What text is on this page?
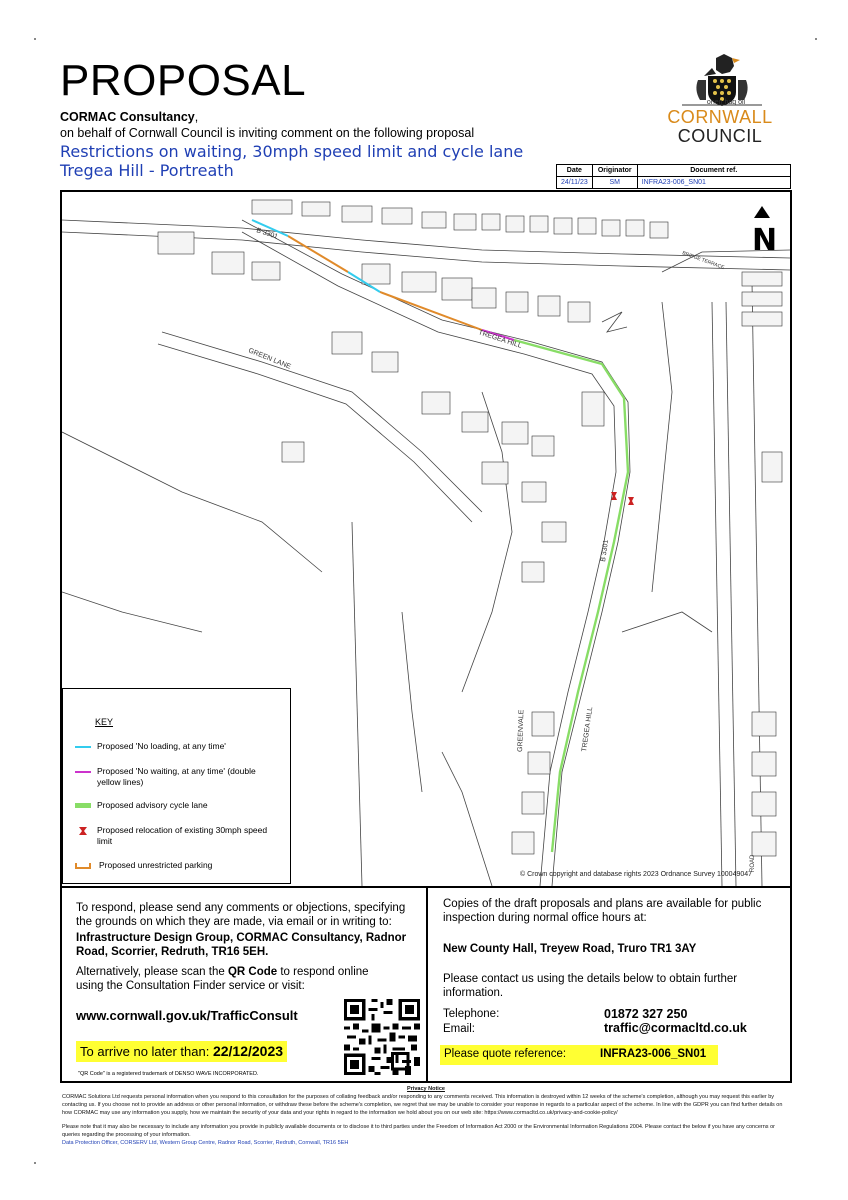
PROPOSAL
CORMAC Consultancy,
on behalf of Cornwall Council is inviting comment on the following proposal
Restrictions on waiting, 30mph speed limit and cycle lane
Tregea Hill - Portreath
onen hag oll
CORNWALL
COUNCIL
Date	Originator	Document ref.
24/11/23	SM	INFRA23-006_SN01
B 3301
TREGEA HILL
GREEN LANE
B 3301
TREGEA HILL
GREENVALE
BRIDGE TERRACE
ROAD
N
KEY
Proposed 'No loading, at any time'
Proposed 'No waiting, at any time' (double yellow lines)
Proposed advisory cycle lane
Proposed relocation of existing 30mph speed limit
Proposed unrestricted parking
© Crown copyright and database rights 2023 Ordnance Survey 100049047
To respond, please send any comments or objections, specifying the grounds on which they are made, via email or in writing to:
Infrastructure Design Group, CORMAC Consultancy, Radnor Road, Scorrier, Redruth, TR16 5EH.
Alternatively, please scan the QR Code to respond online using the Consultation Finder service or visit:
www.cornwall.gov.uk/TrafficConsult
To arrive no later than: 22/12/2023
"QR Code" is a registered trademark of DENSO WAVE INCORPORATED.
Copies of the draft proposals and plans are available for public inspection during normal office hours at:
New County Hall, Treyew Road, Truro TR1 3AY
Please contact us using the details below to obtain further information.
Telephone:	01872 327 250
Email:	traffic@cormacltd.co.uk
Please quote reference:	INFRA23-006_SN01
Privacy Notice
CORMAC Solutions Ltd requests personal information when you respond to this consultation for the purposes of collating feedback and/or responding to any comments received. This information is destroyed within 12 weeks of the scheme's completion, although you may request this earlier by contacting us. If you choose not to provide an address or other personal information, or withdraw these before the scheme's completion, we regret that we may be unable to consider your response in regards to a particular aspect of the scheme. In line with the GDPR you can find further details on how CORMAC may use any information you supply, how we maintain the security of your data and your rights in regard to the information we hold about you on our web site: https://www.cormacltd.co.uk/privacy-and-cookie-policy/
Please note that it may also be necessary to include any information you provide in publicly available documents or to disclose it to third parties under the Freedom of Information Act 2000 or the Environmental Information Regulations 2004. Please contact the below if you have any concerns or queries regarding the processing of your information.
Data Protection Officer, CORSERV Ltd, Western Group Centre, Radnor Road, Scorrier, Redruth, Cornwall, TR16 5EH
